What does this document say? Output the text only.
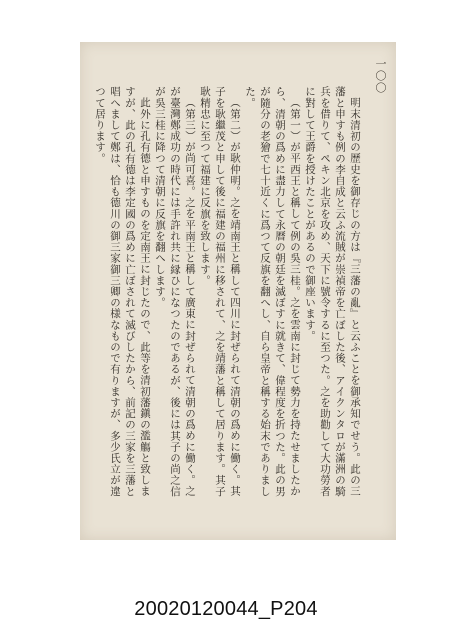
一〇〇

明末清初の歷史を御存じの方は『三藩の亂』と云ふことを御承知でせう。此の三藩と申すも例の李自成と云ふ流賊が崇禎帝を亡ぼした後、アイクンタロが滿洲の騎兵を借りて、ペキン北京を攻め、天下に號令するに至つた。之を助勸して大功勞者に對して王爵を授けたことがあるので御座います。

（第一）が平西王と稱して例の吳三桂。之を雲南に封じて勢力を持たせましたから、清朝の爲めに盡力して永曆の朝廷を滅ぼすに就きて、偉程度を折つた。此の男が隨分の老獪で七十近くに爲つて反旗を翻へし、自ら皇帝と稱する始末でありました。

（第二）が耿仲明。之を靖南王と稱して四川に封ぜられて清朝の爲めに働く。其子を耿繼茂と申して後に福建の福州に移されて、之を靖藩と稱して居ります。其子耿精忠に至つて福建に反旗を致します。

（第三）が尚可喜。之を平南王と稱して廣東に封ぜられて清朝の爲めに働く。之が臺灣鄭成功の時代には手許れ共に縁ひになつたのであるが、後には其子の尚之信が吳三桂に降つて清朝に反旗を翻へします。

此外に孔有德と申すものを定南王に封じたので、此等を清初藩鎭の濫觴と致しますが、此の孔有德は李定國の爲めに亡ぼされて滅びしたから、前記の三家を三藩と唱へまして鄭は、恰も德川の御三家御三卿の様なもので有りますが、多少氏立が違つて居ります。

20020120044_P204
